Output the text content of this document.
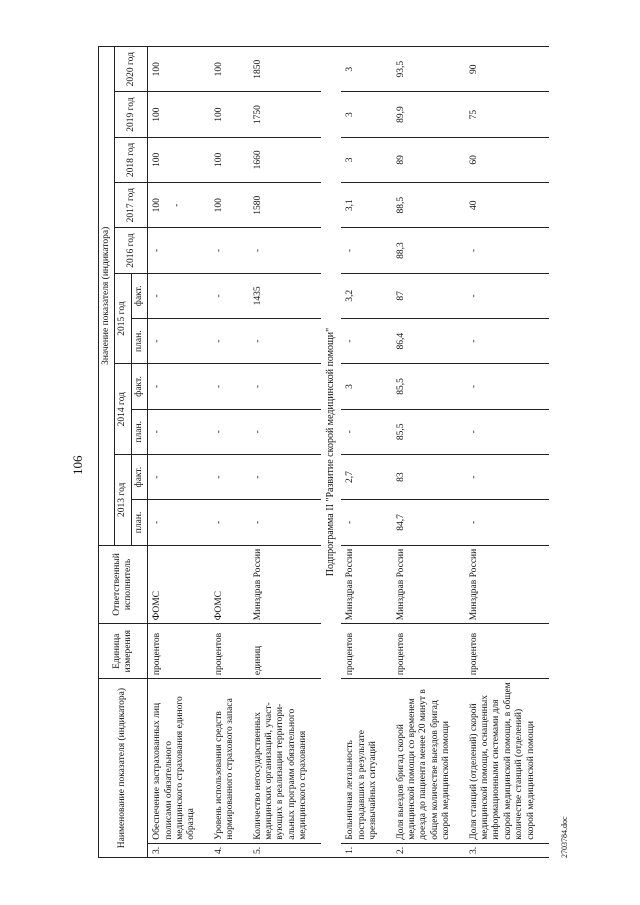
106
Наименование показателя (индикатора)		Единица измерения	Ответственный исполнитель	Значение показателя (индикатора)										
				2013 год		2014 год		2015 год		2016 год	2017 год	2018 год	2019 год	2020 год
				план.	факт.	план.	факт.	план.	факт.					
3.	Обеспечение застрахованных лиц полисами обязательного медицинского страхования единого образца	процентов	ФОМС	-	-	-	-	-	-	-	100 -	100	100	100
4.	Уровень использования средств нормированного страхового запаса	процентов	ФОМС	-	-	-	-	-	-	-	100	100	100	100
5.	Количество негосударственных медицинских организаций, участ-вующих в реализации территори-альных программ обязательного медицинского страхования	единиц	Минздрав России	-	-	-	-	-	1435	-	1580	1660	1750	1850
Подпрограмма II "Развитие скорой медицинской помощи"														
1.	Больничная летальность пострадавших в результате чрезвычайных ситуаций	процентов	Минздрав России	-	2,7	-	3	-	3,2	-	3,1	3	3	3
2.	Доля выездов бригад скорой медицинской помощи со временем доезда до пациента менее 20 минут в общем количестве выездов бригад скорой медицинской помощи	процентов	Минздрав России	84,7	83	85,5	85,5	86,4	87	88,3	88,5	89	89,9	93,5
3.	Доля станций (отделений) скорой медицинской помощи, оснащенных информационными системами для скорой медицинской помощи, в общем количестве станций (отделений) скорой медицинской помощи	процентов	Минздрав России	-	-	-	-	-	-	-	40	60	75	90
2703784.doc
